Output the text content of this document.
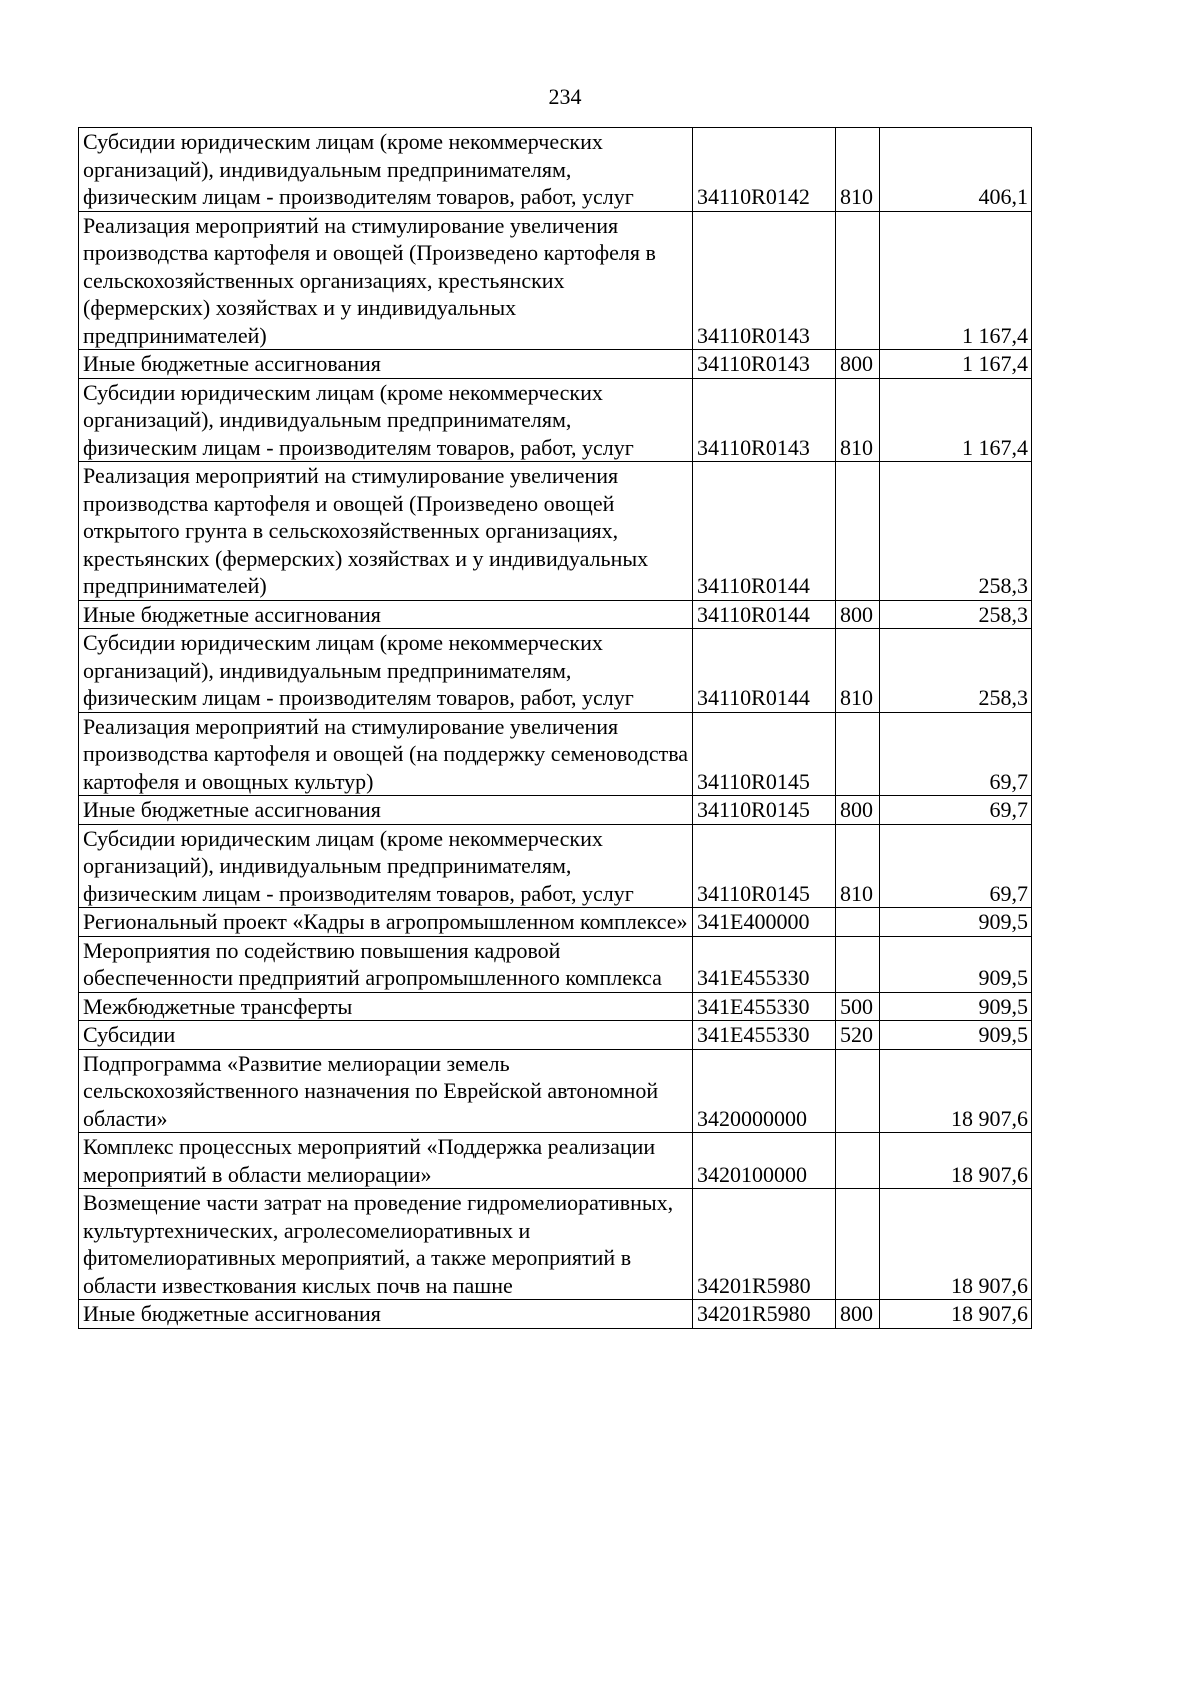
234
Субсидии юридическим лицам (кроме некоммерческих организаций), индивидуальным предпринимателям, физическим лицам - производителям товаров, работ, услуг	34110R0142	810	406,1
Реализация мероприятий на стимулирование увеличения производства картофеля и овощей (Произведено картофеля в сельскохозяйственных организациях, крестьянских (фермерских) хозяйствах и у индивидуальных предпринимателей)	34110R0143		1 167,4
Иные бюджетные ассигнования	34110R0143	800	1 167,4
Субсидии юридическим лицам (кроме некоммерческих организаций), индивидуальным предпринимателям, физическим лицам - производителям товаров, работ, услуг	34110R0143	810	1 167,4
Реализация мероприятий на стимулирование увеличения производства картофеля и овощей (Произведено овощей открытого грунта в сельскохозяйственных организациях, крестьянских (фермерских) хозяйствах и у индивидуальных предпринимателей)	34110R0144		258,3
Иные бюджетные ассигнования	34110R0144	800	258,3
Субсидии юридическим лицам (кроме некоммерческих организаций), индивидуальным предпринимателям, физическим лицам - производителям товаров, работ, услуг	34110R0144	810	258,3
Реализация мероприятий на стимулирование увеличения производства картофеля и овощей (на поддержку семеноводства картофеля и овощных культур)	34110R0145		69,7
Иные бюджетные ассигнования	34110R0145	800	69,7
Субсидии юридическим лицам (кроме некоммерческих организаций), индивидуальным предпринимателям, физическим лицам - производителям товаров, работ, услуг	34110R0145	810	69,7
Региональный проект «Кадры в агропромышленном комплексе»	341E400000		909,5
Мероприятия по содействию повышения кадровой обеспеченности предприятий агропромышленного комплекса	341E455330		909,5
Межбюджетные трансферты	341E455330	500	909,5
Субсидии	341E455330	520	909,5
Подпрограмма «Развитие мелиорации земель сельскохозяйственного назначения по Еврейской автономной области»	3420000000		18 907,6
Комплекс процессных мероприятий «Поддержка реализации мероприятий в области мелиорации»	3420100000		18 907,6
Возмещение части затрат на проведение гидромелиоративных, культуртехнических, агролесомелиоративных и фитомелиоративных мероприятий, а также мероприятий в области известкования кислых почв на пашне	34201R5980		18 907,6
Иные бюджетные ассигнования	34201R5980	800	18 907,6
